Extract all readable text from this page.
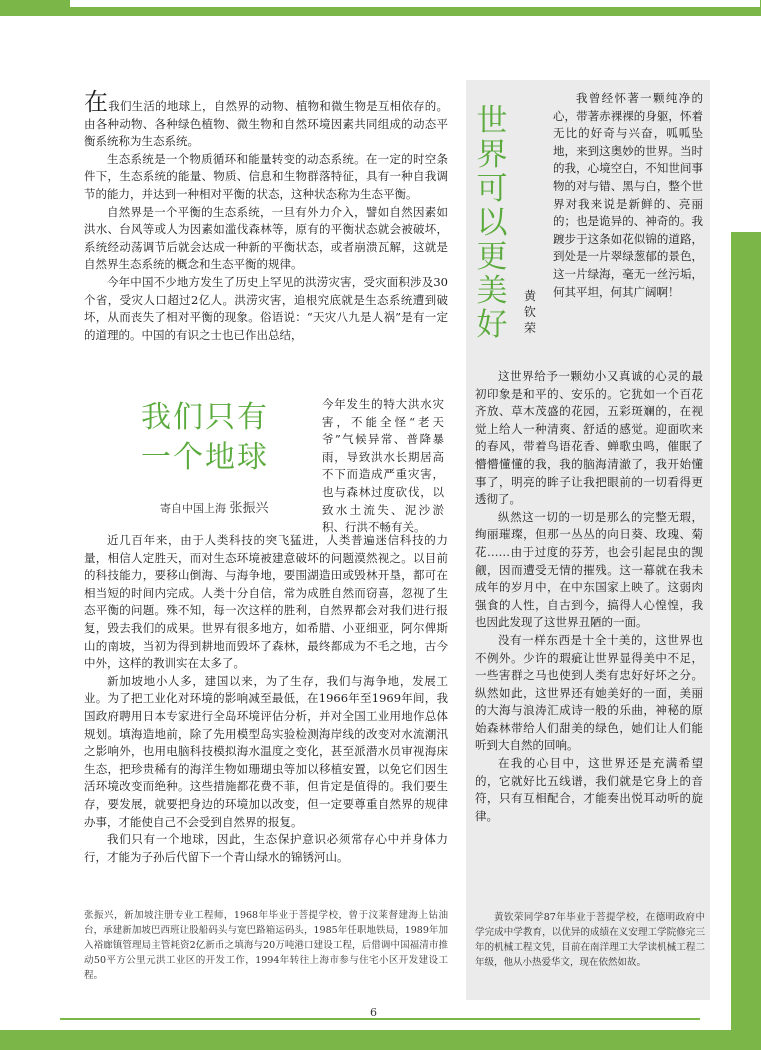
在我们生活的地球上，自然界的动物、植物和微生物是互相依存的。由各种动物、各种绿色植物、微生物和自然环境因素共同组成的动态平衡系统称为生态系统。

生态系统是一个物质循环和能量转变的动态系统。在一定的时空条件下，生态系统的能量、物质、信息和生物群落特征，具有一种自我调节的能力，并达到一种相对平衡的状态，这种状态称为生态平衡。

自然界是一个平衡的生态系统，一旦有外力介入，譬如自然因素如洪水、台风等或人为因素如滥伐森林等，原有的平衡状态就会被破坏，系统经动荡调节后就会达成一种新的平衡状态，或者崩溃瓦解，这就是自然界生态系统的概念和生态平衡的规律。

今年中国不少地方发生了历史上罕见的洪涝灾害，受灾面积涉及30个省，受灾人口超过2亿人。洪涝灾害，追根究底就是生态系统遭到破坏，从而丧失了相对平衡的现象。俗语说：“天灾八九是人祸”是有一定的道理的。中国的有识之士也已作出总结，

我们只有
一个地球
寄自中国上海 张振兴
今年发生的特大洪水灾害，不能全怪“老天爷”气候异常、普降暴雨，导致洪水长期居高不下而造成严重灾害，也与森林过度砍伐，以致水土流失、泥沙淤积、行洪不畅有关。

近几百年来，由于人类科技的突飞猛进，人类普遍迷信科技的力量，相信人定胜天，而对生态环境被建意破坏的问题漠然视之。以目前的科技能力，要移山倒海、与海争地，要围湖造田或毁林开垦，都可在相当短的时间内完成。人类十分自信，常为成胜自然而窃喜，忽视了生态平衡的问题。殊不知，每一次这样的胜利，自然界都会对我们进行报复，毁去我们的成果。世界有很多地方，如希腊、小亚细亚，阿尔俾斯山的南坡，当初为得到耕地而毁坏了森林，最终都成为不毛之地，古今中外，这样的教训实在太多了。

新加坡地小人多，建国以来，为了生存，我们与海争地，发展工业。为了把工业化对环境的影响减至最低，在1966年至1969年间，我国政府聘用日本专家进行全岛环境评估分析，并对全国工业用地作总体规划。填海造地前，除了先用模型岛实验检测海岸线的改变对水流潮汛之影响外，也用电脑科技模拟海水温度之变化，甚至派潜水员审视海床生态，把珍贵稀有的海洋生物如珊瑚虫等加以移植安置，以免它们因生活环境改变而绝种。这些措施都花费不菲，但肯定是值得的。我们要生存，要发展，就要把身边的环境加以改变，但一定要尊重自然界的规律办事，才能使自己不会受到自然界的报复。

我们只有一个地球，因此，生态保护意识必须常存心中并身体力行，才能为子孙后代留下一个青山绿水的锦锈河山。

张振兴，新加坡注册专业工程师，1968年毕业于菩提学校，曾于汶莱督建海上钻油台，承建新加坡巴西班让股船码头与宽巴路箱运码头，1985年任职地铁局，1989年加入裕廊镇管理局主管耗资2亿新币之填海与20万吨港口建设工程，后借调中国福清市推动50平方公里元洪工业区的开发工作，1994年转往上海市参与住宅小区开发建设工程。
世
界
可
以
更
美
好
黄
钦
荣

我曾经怀著一颗纯净的心，带著赤裸裸的身躯，怀着无比的好奇与兴奋，呱呱坠地，来到这奥妙的世界。当时的我，心境空白，不知世间事物的对与错、黑与白，整个世界对我来说是新鲜的、亮丽的；也是诡异的、神奇的。我踱步于这条如花似锦的道路，到处是一片翠绿葱郁的景色，这一片绿海，毫无一丝污垢，何其平坦，何其广阔啊！

这世界给予一颗幼小又真诚的心灵的最初印象是和平的、安乐的。它犹如一个百花齐放、草木茂盛的花园，五彩斑斓的，在视觉上给人一种清爽、舒适的感觉。迎面吹来的春风，带着鸟语花香、蝉歌虫鸣，催眠了懵懵懂懂的我，我的脑海清澈了，我开始懂事了，明亮的眸子让我把眼前的一切看得更透彻了。

纵然这一切的一切是那么的完整无瑕，绚丽璀璨，但那一丛丛的向日葵、玫瑰、菊花……由于过度的芬芳，也会引起昆虫的觊觎，因而遭受无情的摧残。这一幕就在我未成年的岁月中，在中东国家上映了。这弱肉强食的人性，自古到今，搞得人心惶惶，我也因此发现了这世界丑陋的一面。

没有一样东西是十全十美的，这世界也不例外。少许的瑕疵让世界显得美中不足，一些害群之马也使到人类有忠好好坏之分。纵然如此，这世界还有她美好的一面，美丽的大海与浪涛汇成诗一般的乐曲，神秘的原始森林带给人们甜美的绿色，她们让人们能听到大自然的回响。

在我的心目中，这世界还是充满希望的，它就好比五线谱，我们就是它身上的音符，只有互相配合，才能奏出悦耳动听的旋律。

黄钦荣同学87年毕业于菩提学校，在德明政府中学完成中学教育，以优异的成绩在义安理工学院修完三年的机械工程文凭，目前在南洋理工大学读机械工程二年级，他从小热爱华文，现在依然如故。
6
